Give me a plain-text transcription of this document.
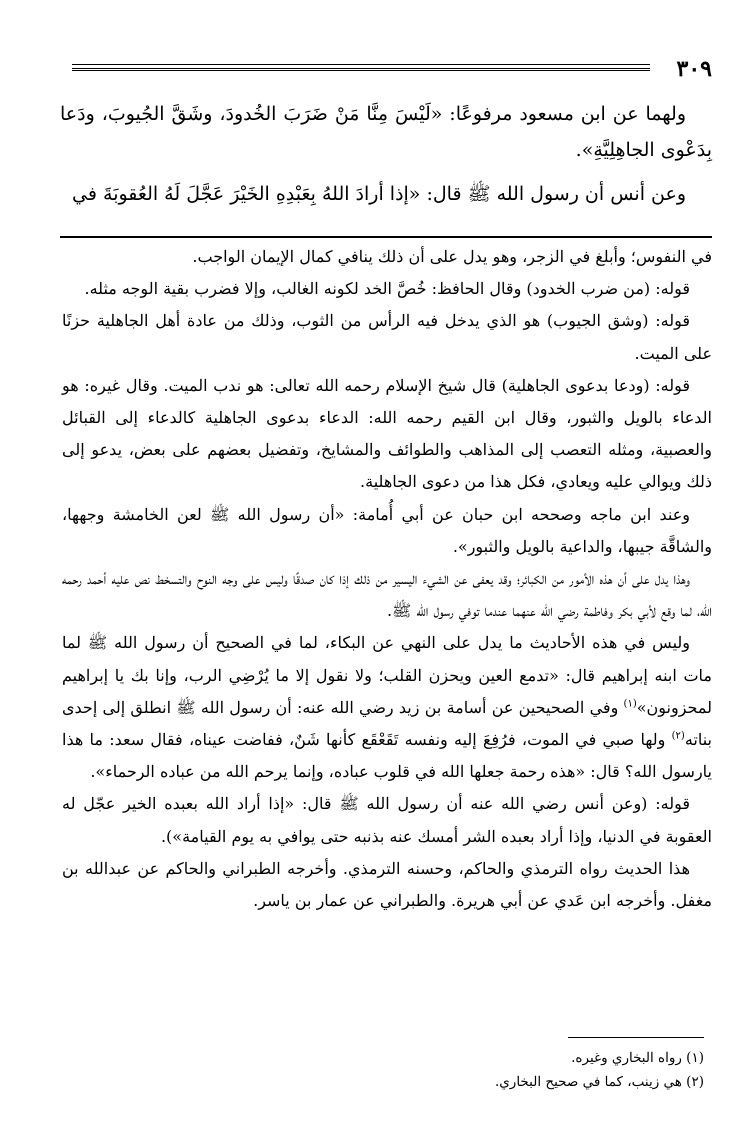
٣٠٩

ولهما عن ابن مسعود مرفوعًا: «لَيْسَ مِنَّا مَنْ ضَرَبَ الخُدودَ، وشَقَّ الجُيوبَ، ودَعا بِدَعْوى الجاهِلِيَّةِ».

وعن أنس أن رسول الله ﷺ قال: «إذا أرادَ اللهُ بِعَبْدِهِ الخَيْرَ عَجَّلَ لَهُ العُقوبَةَ في

في النفوس؛ وأبلغ في الزجر، وهو يدل على أن ذلك ينافي كمال الإيمان الواجب.

قوله: (من ضرب الخدود) وقال الحافظ: خُصَّ الخد لكونه الغالب، وإلا فضرب بقية الوجه مثله.

قوله: (وشق الجيوب) هو الذي يدخل فيه الرأس من الثوب، وذلك من عادة أهل الجاهلية حزنًا على الميت.

قوله: (ودعا بدعوى الجاهلية) قال شيخ الإسلام رحمه الله تعالى: هو ندب الميت. وقال غيره: هو الدعاء بالويل والثبور، وقال ابن القيم رحمه الله: الدعاء بدعوى الجاهلية كالدعاء إلى القبائل والعصبية، ومثله التعصب إلى المذاهب والطوائف والمشايخ، وتفضيل بعضهم على بعض، يدعو إلى ذلك ويوالي عليه ويعادي، فكل هذا من دعوى الجاهلية.

وعند ابن ماجه وصححه ابن حبان عن أبي أُمامة: «أن رسول الله ﷺ لعن الخامشة وجهها، والشاقَّة جيبها، والداعية بالويل والثبور».

وهذا يدل على أن هذه الأمور من الكبائر؛ وقد يعفى عن الشيء اليسير من ذلك إذا كان صدقًا وليس على وجه النوح والتسخط نص عليه أحمد رحمه الله، لما وقع لأبي بكر وفاطمة رضي الله عنهما عندما توفي رسول الله ﷺ.

وليس في هذه الأحاديث ما يدل على النهي عن البكاء، لما في الصحيح أن رسول الله ﷺ لما مات ابنه إبراهيم قال: «تدمع العين ويحزن القلب؛ ولا نقول إلا ما يُرْضِي الرب، وإنا بك يا إبراهيم لمحزونون»$^{(١)}$ وفي الصحيحين عن أسامة بن زيد رضي الله عنه: أن رسول الله ﷺ انطلق إلى إحدى بناته$^{(٢)}$ ولها صبي في الموت، فرُفِعَ إليه ونفسه تَقَعْقَع كأنها شَنٌ، ففاضت عيناه، فقال سعد: ما هذا يارسول الله؟ قال: «هذه رحمة جعلها الله في قلوب عباده، وإنما يرحم الله من عباده الرحماء».

قوله: (وعن أنس رضي الله عنه أن رسول الله ﷺ قال: «إذا أراد الله بعبده الخير عجّل له العقوبة في الدنيا، وإذا أراد بعبده الشر أمسك عنه بذنبه حتى يوافي به يوم القيامة»).

هذا الحديث رواه الترمذي والحاكم، وحسنه الترمذي. وأخرجه الطبراني والحاكم عن عبدالله بن مغفل. وأخرجه ابن عَدي عن أبي هريرة. والطبراني عن عمار بن ياسر.

(١) رواه البخاري وغيره.
(٢) هي زينب، كما في صحيح البخاري.
